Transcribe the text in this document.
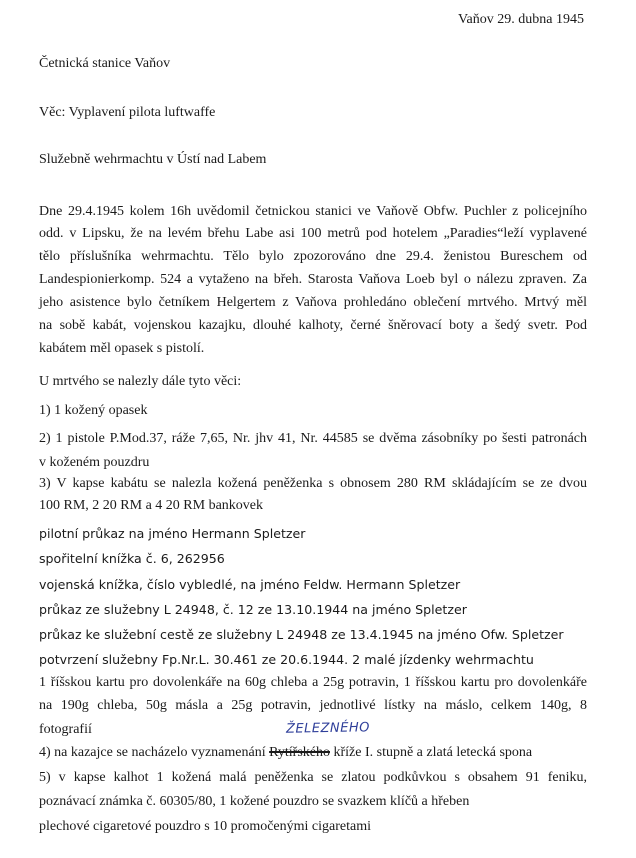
Vaňov 29. dubna 1945
Četnická stanice Vaňov
Věc: Vyplavení pilota luftwaffe
Služebně wehrmachtu v Ústí nad Labem
Dne 29.4.1945 kolem 16h uvědomil četnickou stanici ve Vaňově Obfw. Puchler z policejního
odd. v Lipsku, že na levém břehu Labe asi 100 metrů pod hotelem „Paradies“leží vyplavené
tělo příslušníka wehrmachtu. Tělo bylo zpozorováno dne 29.4. ženistou Bureschem od
Landespionierkomp. 524 a vytaženo na břeh. Starosta Vaňova Loeb byl o nálezu zpraven. Za
jeho asistence bylo četníkem Helgertem z Vaňova prohledáno oblečení mrtvého. Mrtvý měl
na sobě kabát, vojenskou kazajku, dlouhé kalhoty, černé šněrovací boty a šedý svetr. Pod
kabátem měl opasek s pistolí.
U mrtvého se nalezly dále tyto věci:
1) 1 kožený opasek
2) 1 pistole P.Mod.37, ráže 7,65, Nr. jhv 41, Nr. 44585 se dvěma zásobníky po šesti patronách
v koženém pouzdru
3) V kapse kabátu se nalezla kožená peněženka s obnosem 280 RM skládajícím se ze dvou
100 RM, 2 20 RM a 4 20 RM bankovek
pilotní průkaz na jméno Hermann Spletzer
spořitelní knížka č. 6, 262956
vojenská knížka, číslo vybledlé, na jméno Feldw. Hermann Spletzer
průkaz ze služebny L 24948, č. 12 ze 13.10.1944 na jméno Spletzer
průkaz ke služební cestě ze služebny L 24948 ze 13.4.1945 na jméno Ofw. Spletzer
potvrzení služebny Fp.Nr.L. 30.461 ze 20.6.1944. 2 malé jízdenky wehrmachtu
1 říšskou kartu pro dovolenkáře na 60g chleba a 25g potravin, 1 říšskou kartu pro dovolenkáře
na 190g chleba, 50g másla a 25g potravin, jednotlivé lístky na máslo, celkem 140g, 8
fotografií	ŽELEZNÉHO
4) na kazajce se nacházelo vyznamenání Rytířského kříže I. stupně a zlatá letecká spona
5) v kapse kalhot 1 kožená malá peněženka se zlatou podkůvkou s obsahem 91 feniku,
poznávací známka č. 60305/80, 1 kožené pouzdro se svazkem klíčů a hřeben
plechové cigaretové pouzdro s 10 promočenými cigaretami
